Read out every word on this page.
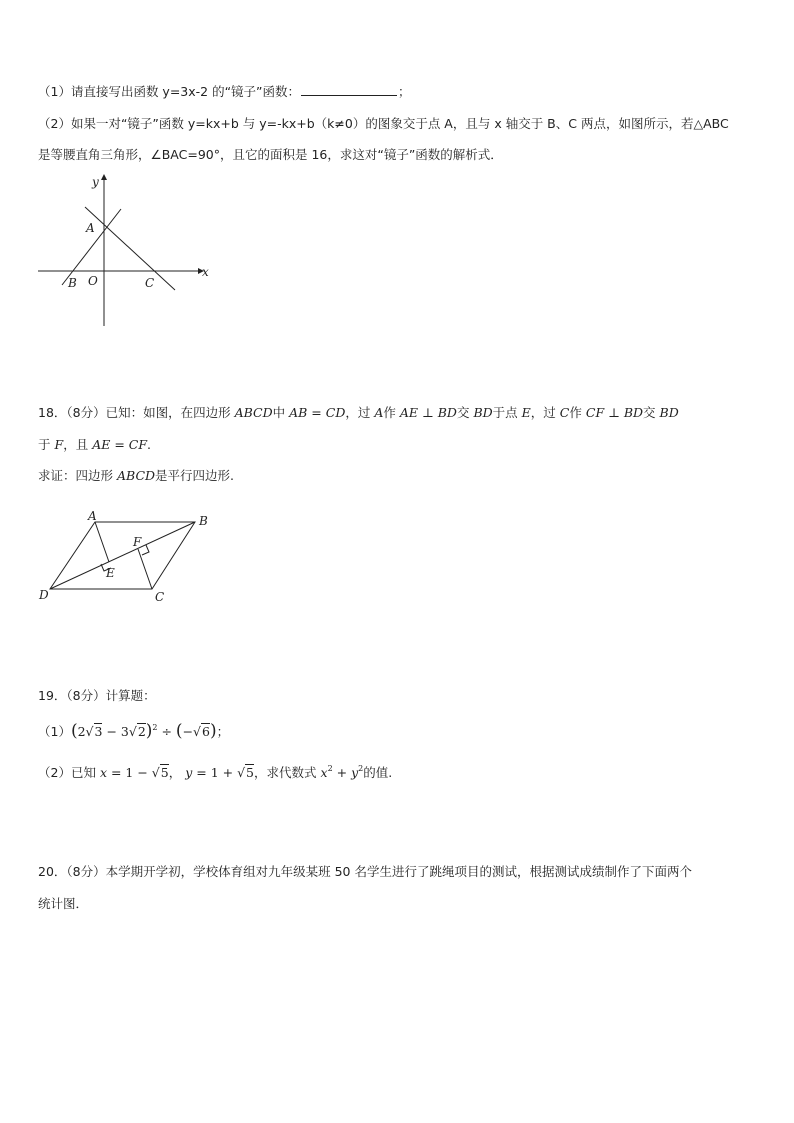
（1）请直接写出函数 y=3x-2 的“镜子”函数：	；
（2）如果一对“镜子”函数 y=kx+b 与 y=-kx+b（k≠0）的图象交于点 A，且与 x 轴交于 B、C 两点，如图所示，若△ABC
是等腰直角三角形，∠BAC=90°，且它的面积是 16，求这对“镜子”函数的解析式．
y
x
A
B O	C
A	B
C
D
E
F
18．（8分）已知：如图，在四边形 ABCD中 AB = CD，过 A作 AE ⊥ BD交 BD于点 E，过 C作 CF ⊥ BD交 BD
于 F，且 AE = CF.
求证：四边形 ABCD是平行四边形.
19．（8分）计算题：
$(1)(2√3 - 3√2)^2 \div (-√6)$；
（2）已知 x = 1 − √5， y = 1 + √5，求代数式 $x^2 + y^2$的值.
20．（8分）本学期开学初，学校体育组对九年级某班 50 名学生进行了跳绳项目的测试，根据测试成绩制作了下面两个
统计图．
